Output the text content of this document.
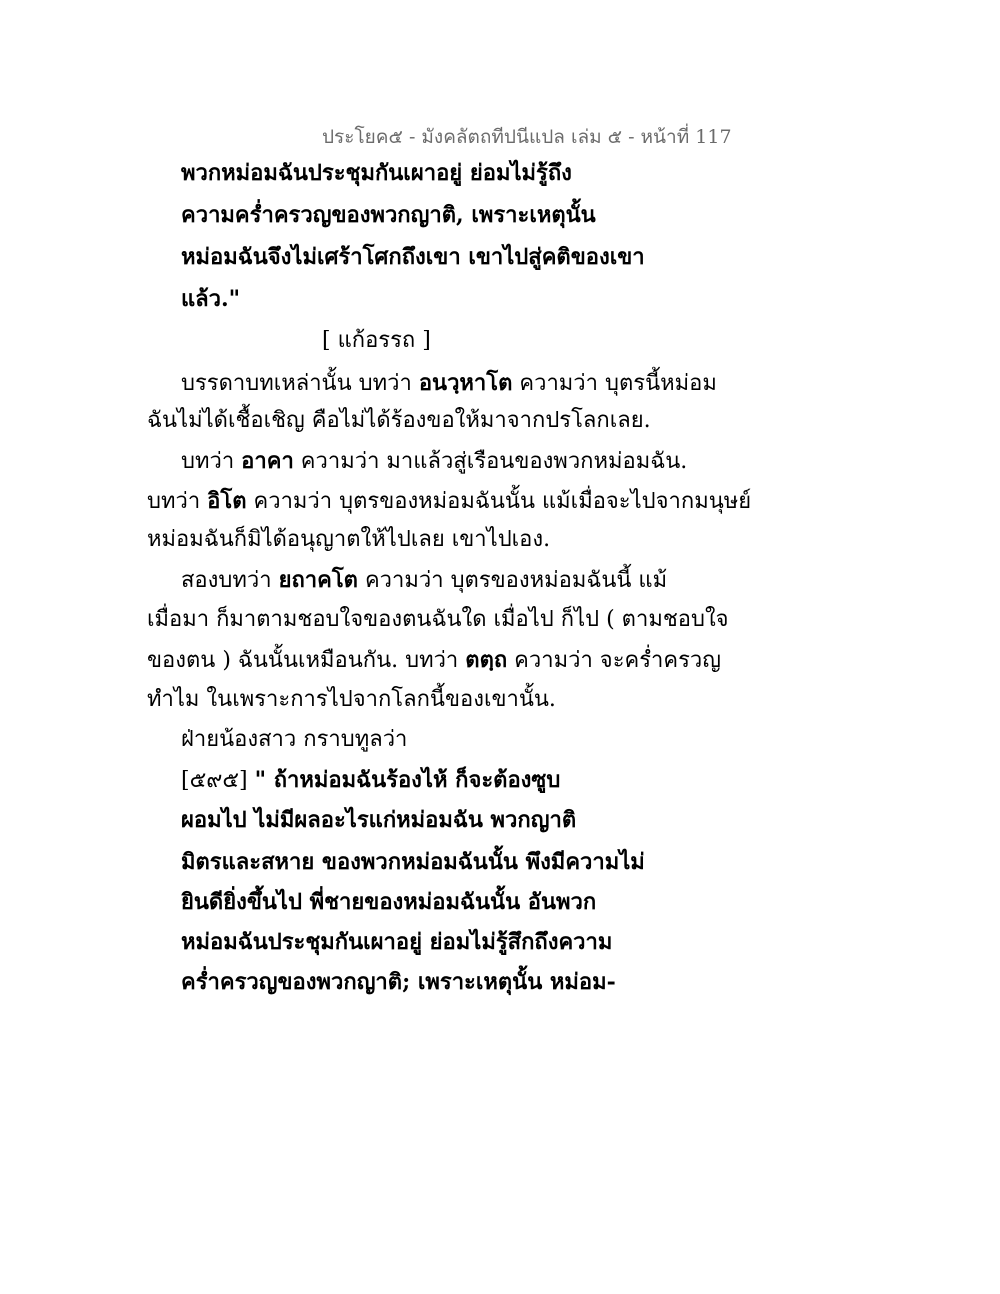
ประโยค๕ - มังคลัตถทีปนีแปล เล่ม ๕ - หน้าที่ 117
พวกหม่อมฉันประชุมกันเผาอยู่ ย่อมไม่รู้ถึง
ความคร่ำครวญของพวกญาติ, เพราะเหตุนั้น
หม่อมฉันจึงไม่เศร้าโศกถึงเขา เขาไปสู่คติของเขา
แล้ว."
[ แก้อรรถ ]
บรรดาบทเหล่านั้น บทว่า อนวฺหาโต ความว่า บุตรนี้หม่อม
ฉันไม่ได้เชื้อเชิญ คือไม่ได้ร้องขอให้มาจากปรโลกเลย.
บทว่า อาคา ความว่า มาแล้วสู่เรือนของพวกหม่อมฉัน.
บทว่า อิโต ความว่า บุตรของหม่อมฉันนั้น แม้เมื่อจะไปจากมนุษย์
หม่อมฉันก็มิได้อนุญาตให้ไปเลย เขาไปเอง.
สองบทว่า ยถาคโต ความว่า บุตรของหม่อมฉันนี้ แม้
เมื่อมา ก็มาตามชอบใจของตนฉันใด เมื่อไป ก็ไป ( ตามชอบใจ
ของตน ) ฉันนั้นเหมือนกัน. บทว่า ตตฺถ ความว่า จะคร่ำครวญ
ทำไม ในเพราะการไปจากโลกนี้ของเขานั้น.
ฝ่ายน้องสาว กราบทูลว่า
[๕๙๕] " ถ้าหม่อมฉันร้องไห้ ก็จะต้องซูบ
ผอมไป ไม่มีผลอะไรแก่หม่อมฉัน พวกญาติ
มิตรและสหาย ของพวกหม่อมฉันนั้น พึงมีความไม่
ยินดียิ่งขึ้นไป พี่ชายของหม่อมฉันนั้น อันพวก
หม่อมฉันประชุมกันเผาอยู่ ย่อมไม่รู้สึกถึงความ
คร่ำครวญของพวกญาติ; เพราะเหตุนั้น หม่อม-
